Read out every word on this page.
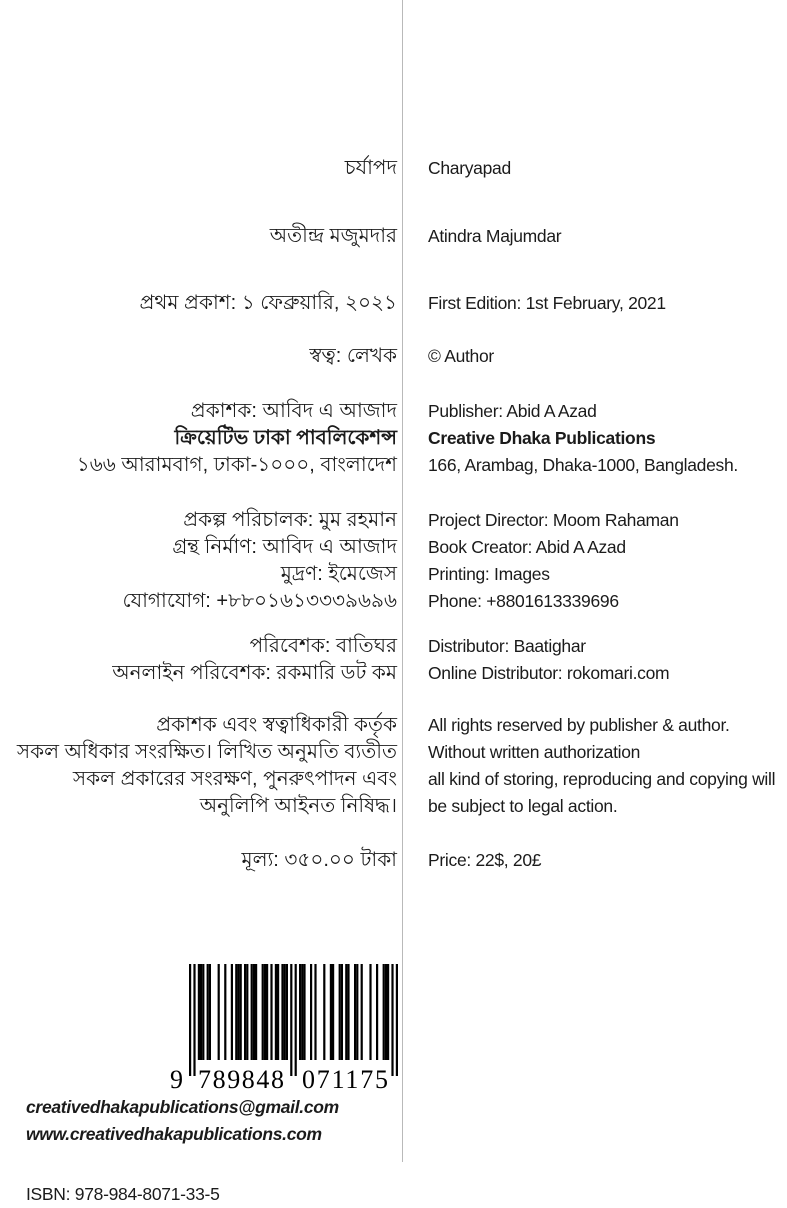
চর্যাপদ Charyapad
অতীন্দ্র মজুমদার Atindra Majumdar
প্রথম প্রকাশ: ১ ফেব্রুয়ারি, ২০২১ First Edition: 1st February, 2021
স্বত্ব: লেখক © Author
প্রকাশক: আবিদ এ আজাদ Publisher: Abid A Azad
ক্রিয়েটিভ ঢাকা পাবলিকেশন্স Creative Dhaka Publications
১৬৬ আরামবাগ, ঢাকা-১০০০, বাংলাদেশ 166, Arambag, Dhaka-1000, Bangladesh.
প্রকল্প পরিচালক: মুম রহমান Project Director: Moom Rahaman
গ্রন্থ নির্মাণ: আবিদ এ আজাদ Book Creator: Abid A Azad
মুদ্রণ: ইমেজেস Printing: Images
যোগাযোগ: +৮৮০১৬১৩৩৩৯৬৯৬ Phone: +8801613339696
পরিবেশক: বাতিঘর Distributor: Baatighar
অনলাইন পরিবেশক: রকমারি ডট কম Online Distributor: rokomari.com
প্রকাশক এবং স্বত্বাধিকারী কর্তৃক All rights reserved by publisher & author.
সকল অধিকার সংরক্ষিত। লিখিত অনুমতি ব্যতীত Without written authorization
সকল প্রকারের সংরক্ষণ, পুনরুৎপাদন এবং all kind of storing, reproducing and copying will
অনুলিপি আইনত নিষিদ্ধ। be subject to legal action.
মূল্য: ৩৫০.০০ টাকা Price: 22$, 20£
9 789848 071175
creativedhakapublications@gmail.com
www.creativedhakapublications.com
ISBN: 978-984-8071-33-5
